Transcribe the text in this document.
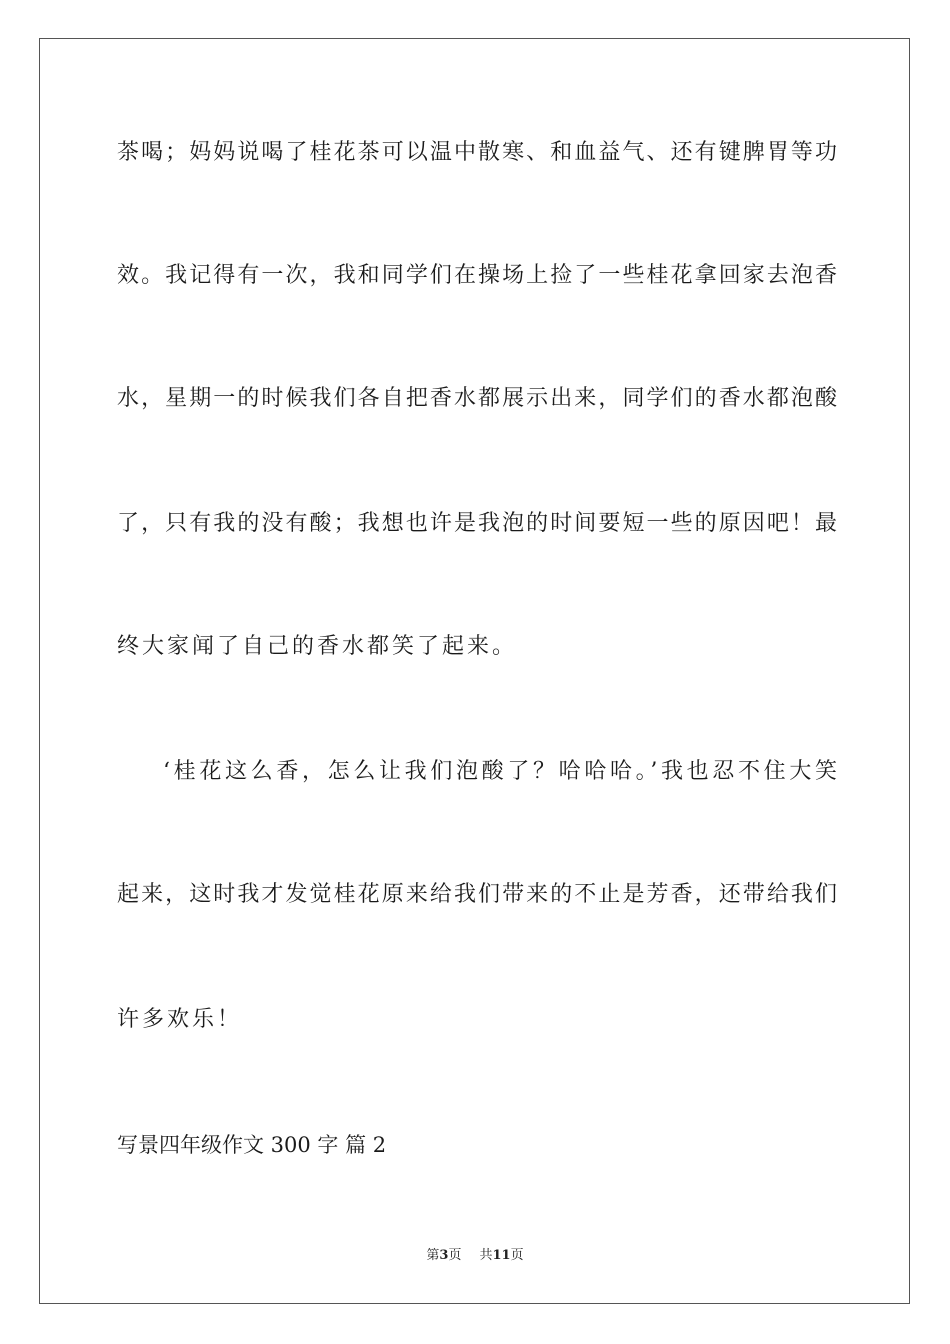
茶喝；妈妈说喝了桂花茶可以温中散寒、和血益气、还有键脾胃等功
效。我记得有一次，我和同学们在操场上捡了一些桂花拿回家去泡香
水，星期一的时候我们各自把香水都展示出来，同学们的香水都泡酸
了，只有我的没有酸；我想也许是我泡的时间要短一些的原因吧！最
终大家闻了自己的香水都笑了起来。
‘桂花这么香，怎么让我们泡酸了？哈哈哈。’我也忍不住大笑
起来，这时我才发觉桂花原来给我们带来的不止是芳香，还带给我们
许多欢乐！
写景四年级作文 300 字 篇 2
第3页 共11页
